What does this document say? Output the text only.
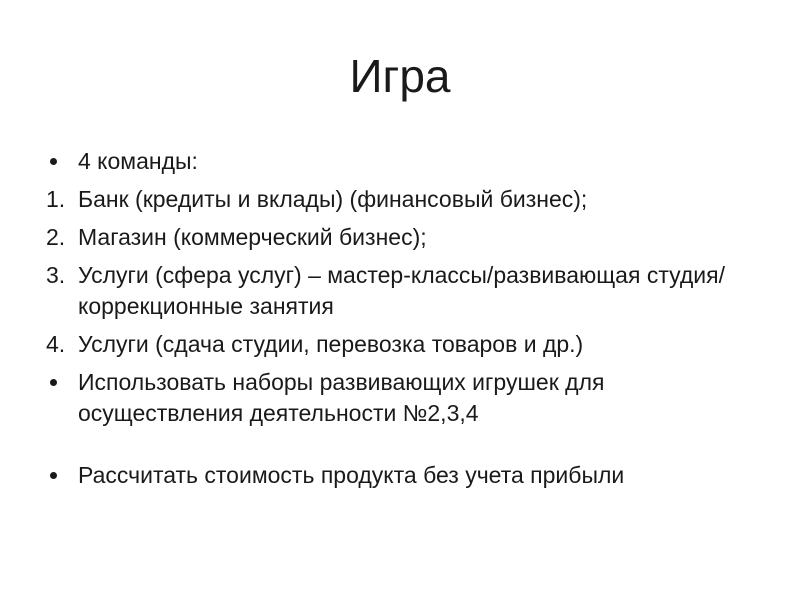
Игра
4 команды:
1. Банк (кредиты и вклады) (финансовый бизнес);
2. Магазин (коммерческий бизнес);
3. Услуги (сфера услуг) – мастер-классы/развивающая студия/коррекционные занятия
4. Услуги (сдача студии, перевозка товаров и др.)
Использовать наборы развивающих игрушек для осуществления деятельности №2,3,4
Рассчитать стоимость продукта без учета прибыли
